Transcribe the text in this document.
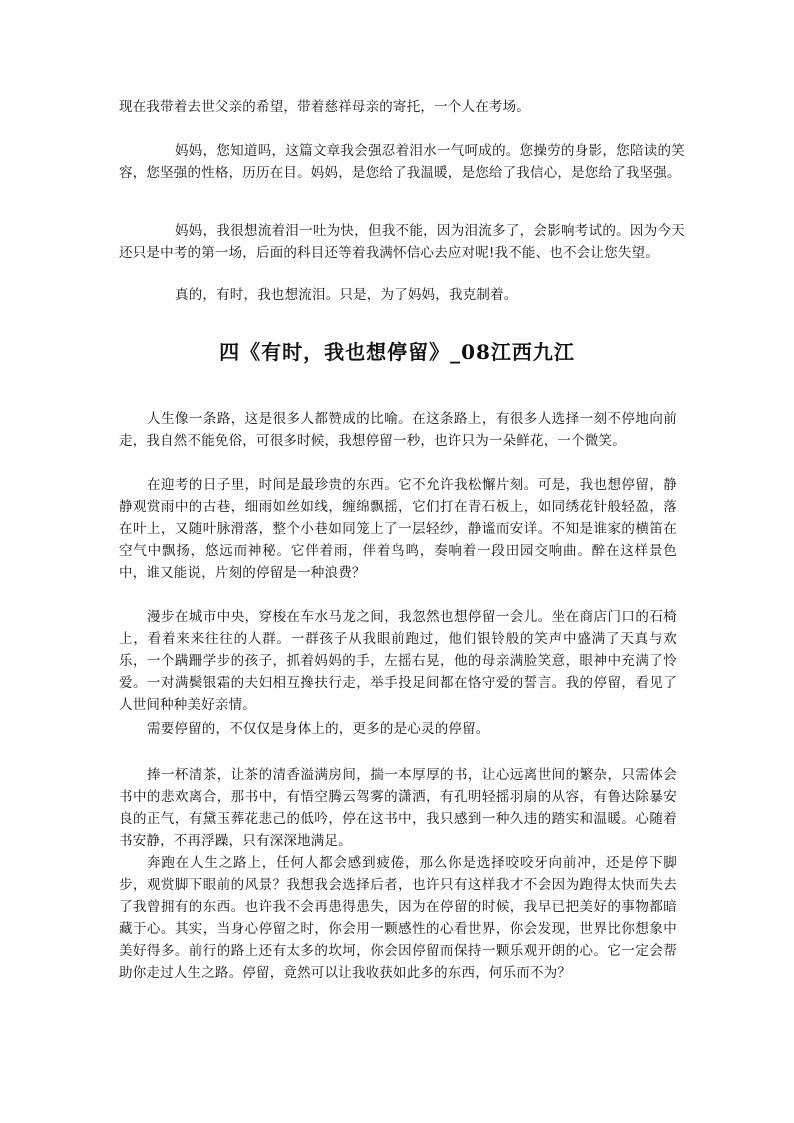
现在我带着去世父亲的希望，带着慈祥母亲的寄托，一个人在考场。

妈妈，您知道吗，这篇文章我会强忍着泪水一气呵成的。您操劳的身影，您陪读的笑容，您坚强的性格，历历在目。妈妈，是您给了我温暖，是您给了我信心，是您给了我坚强。

妈妈，我很想流着泪一吐为快，但我不能，因为泪流多了，会影响考试的。因为今天还只是中考的第一场，后面的科目还等着我满怀信心去应对呢!我不能、也不会让您失望。

真的，有时，我也想流泪。只是，为了妈妈，我克制着。

四《有时，我也想停留》_08江西九江

人生像一条路，这是很多人都赞成的比喻。在这条路上，有很多人选择一刻不停地向前走，我自然不能免俗，可很多时候，我想停留一秒，也许只为一朵鲜花，一个微笑。

在迎考的日子里，时间是最珍贵的东西。它不允许我松懈片刻。可是，我也想停留，静静观赏雨中的古巷，细雨如丝如线，缠绵飘摇，它们打在青石板上，如同绣花针般轻盈，落在叶上，又随叶脉滑落，整个小巷如同笼上了一层轻纱，静谧而安详。不知是谁家的横笛在空气中飘扬，悠远而神秘。它伴着雨，伴着鸟鸣，奏响着一段田园交响曲。醉在这样景色中，谁又能说，片刻的停留是一种浪费？

漫步在城市中央，穿梭在车水马龙之间，我忽然也想停留一会儿。坐在商店门口的石椅上，看着来来往往的人群。一群孩子从我眼前跑过，他们银铃般的笑声中盛满了天真与欢乐，一个蹒跚学步的孩子，抓着妈妈的手，左摇右晃，他的母亲满脸笑意，眼神中充满了怜爱。一对满鬓银霜的夫妇相互搀扶行走，举手投足间都在恪守爱的誓言。我的停留，看见了人世间种种美好亲情。

需要停留的，不仅仅是身体上的，更多的是心灵的停留。

捧一杯清茶，让茶的清香溢满房间，揣一本厚厚的书，让心远离世间的繁杂，只需体会书中的悲欢离合，那书中，有悟空腾云驾雾的潇洒，有孔明轻摇羽扇的从容，有鲁达除暴安良的正气，有黛玉葬花悲己的低吟，停在这书中，我只感到一种久违的踏实和温暖。心随着书安静，不再浮躁，只有深深地满足。

奔跑在人生之路上，任何人都会感到疲倦，那么你是选择咬咬牙向前冲，还是停下脚步，观赏脚下眼前的风景？我想我会选择后者，也许只有这样我才不会因为跑得太快而失去了我曾拥有的东西。也许我不会再患得患失，因为在停留的时候，我早已把美好的事物都暗藏于心。其实，当身心停留之时，你会用一颗感性的心看世界，你会发现，世界比你想象中美好得多。前行的路上还有太多的坎坷，你会因停留而保持一颗乐观开朗的心。它一定会帮助你走过人生之路。停留，竟然可以让我收获如此多的东西，何乐而不为？
